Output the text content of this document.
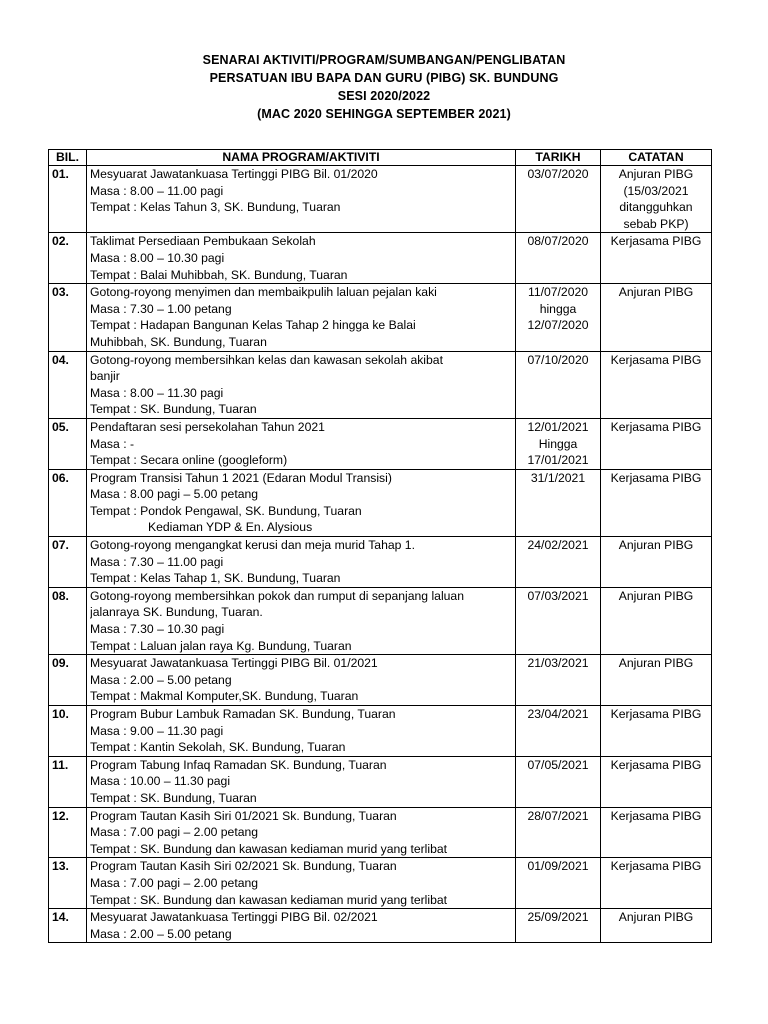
SENARAI AKTIVITI/PROGRAM/SUMBANGAN/PENGLIBATAN
PERSATUAN IBU BAPA DAN GURU (PIBG) SK. BUNDUNG
SESI 2020/2022
(MAC 2020 SEHINGGA SEPTEMBER 2021)
BIL.	NAMA PROGRAM/AKTIVITI	TARIKH	CATATAN
01.	Mesyuarat Jawatankuasa Tertinggi PIBG Bil. 01/2020
Masa : 8.00 – 11.00 pagi
Tempat : Kelas Tahun 3, SK. Bundung, Tuaran	03/07/2020	Anjuran PIBG
(15/03/2021
ditangguhkan
sebab PKP)

02.	Taklimat Persediaan Pembukaan Sekolah
Masa : 8.00 – 10.30 pagi
Tempat : Balai Muhibbah, SK. Bundung, Tuaran	08/07/2020	Kerjasama PIBG

03.	Gotong-royong menyimen dan membaikpulih laluan pejalan kaki
Masa : 7.30 – 1.00 petang
Tempat : Hadapan Bangunan Kelas Tahap 2 hingga ke Balai
Muhibbah, SK. Bundung, Tuaran	11/07/2020
hingga
12/07/2020	Anjuran PIBG

04.	Gotong-royong membersihkan kelas dan kawasan sekolah akibat
banjir
Masa : 8.00 – 11.30 pagi
Tempat : SK. Bundung, Tuaran	07/10/2020	Kerjasama PIBG

05.	Pendaftaran sesi persekolahan Tahun 2021
Masa : -
Tempat : Secara online (googleform)	12/01/2021
Hingga
17/01/2021	Kerjasama PIBG

06.	Program Transisi Tahun 1 2021 (Edaran Modul Transisi)
Masa : 8.00 pagi – 5.00 petang
Tempat : Pondok Pengawal, SK. Bundung, Tuaran
Kediaman YDP & En. Alysious	31/1/2021	Kerjasama PIBG

07.	Gotong-royong mengangkat kerusi dan meja murid Tahap 1.
Masa : 7.30 – 11.00 pagi
Tempat : Kelas Tahap 1, SK. Bundung, Tuaran	24/02/2021	Anjuran PIBG

08.	Gotong-royong membersihkan pokok dan rumput di sepanjang laluan
jalanraya SK. Bundung, Tuaran.
Masa : 7.30 – 10.30 pagi
Tempat : Laluan jalan raya Kg. Bundung, Tuaran	07/03/2021	Anjuran PIBG

09.	Mesyuarat Jawatankuasa Tertinggi PIBG Bil. 01/2021
Masa : 2.00 – 5.00 petang
Tempat : Makmal Komputer,SK. Bundung, Tuaran	21/03/2021	Anjuran PIBG

10.	Program Bubur Lambuk Ramadan SK. Bundung, Tuaran
Masa : 9.00 – 11.30 pagi
Tempat : Kantin Sekolah, SK. Bundung, Tuaran	23/04/2021	Kerjasama PIBG

11.	Program Tabung Infaq Ramadan SK. Bundung, Tuaran
Masa : 10.00 – 11.30 pagi
Tempat : SK. Bundung, Tuaran	07/05/2021	Kerjasama PIBG

12.	Program Tautan Kasih Siri 01/2021 Sk. Bundung, Tuaran
Masa : 7.00 pagi – 2.00 petang
Tempat : SK. Bundung dan kawasan kediaman murid yang terlibat	28/07/2021	Kerjasama PIBG

13.	Program Tautan Kasih Siri 02/2021 Sk. Bundung, Tuaran
Masa : 7.00 pagi – 2.00 petang
Tempat : SK. Bundung dan kawasan kediaman murid yang terlibat	01/09/2021	Kerjasama PIBG

14.	Mesyuarat Jawatankuasa Tertinggi PIBG Bil. 02/2021
Masa : 2.00 – 5.00 petang	25/09/2021	Anjuran PIBG
